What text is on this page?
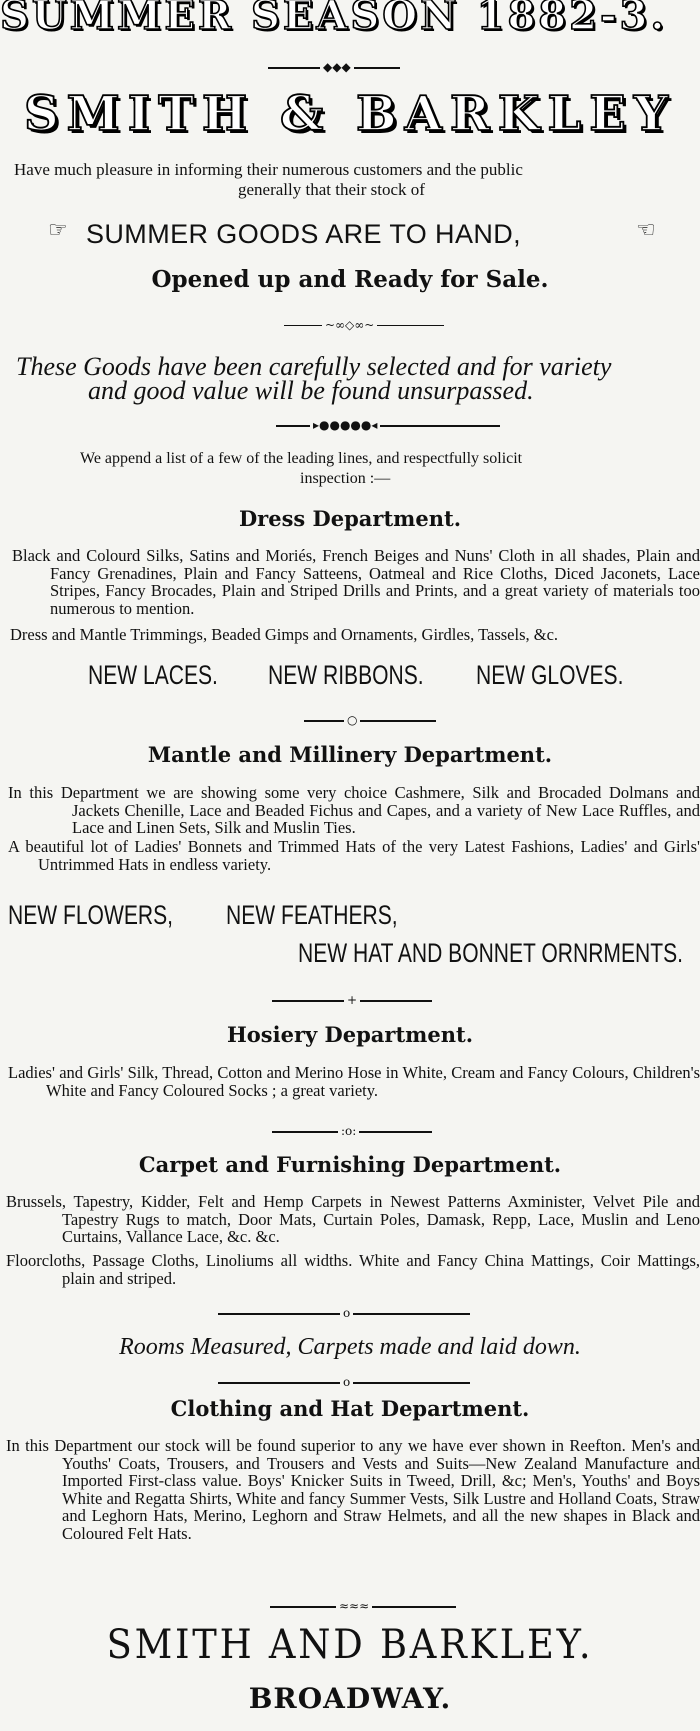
SUMMER SEASON 1882-3.
◆◆◆
SMITH & BARKLEY
Have much pleasure in informing their numerous customers and the public
generally that their stock of
☞ SUMMER GOODS ARE TO HAND,	☜
Opened up and Ready for Sale.
~∞◇∞~
These Goods have been carefully selected and for variety
and good value will be found unsurpassed.
▸●●●●●◂
We append a list of a few of the leading lines, and respectfully solicit
inspection :—
Dress Department.
Black and Colourd Silks, Satins and Moriés, French Beiges and Nuns' Cloth in all shades, Plain and Fancy Grenadines, Plain and Fancy Satteens, Oatmeal and Rice Cloths, Diced Jaconets, Lace Stripes, Fancy Brocades, Plain and Striped Drills and Prints, and a great variety of materials too numerous to mention.
Dress and Mantle Trimmings, Beaded Gimps and Ornaments, Girdles, Tassels, &c.
NEW LACES. NEW RIBBONS. NEW GLOVES.
○
Mantle and Millinery Department.
In this Department we are showing some very choice Cashmere, Silk and Brocaded Dolmans and Jackets Chenille, Lace and Beaded Fichus and Capes, and a variety of New Lace Ruffles, and Lace and Linen Sets, Silk and Muslin Ties.
A beautiful lot of Ladies' Bonnets and Trimmed Hats of the very Latest Fashions, Ladies' and Girls' Untrimmed Hats in endless variety.
NEW FLOWERS, NEW FEATHERS,
NEW HAT AND BONNET ORNRMENTS.
+
Hosiery Department.
Ladies' and Girls' Silk, Thread, Cotton and Merino Hose in White, Cream and Fancy Colours, Children's White and Fancy Coloured Socks ; a great variety.
:o:
Carpet and Furnishing Department.
Brussels, Tapestry, Kidder, Felt and Hemp Carpets in Newest Patterns Axminister, Velvet Pile and Tapestry Rugs to match, Door Mats, Curtain Poles, Damask, Repp, Lace, Muslin and Leno Curtains, Vallance Lace, &c. &c.
Floorcloths, Passage Cloths, Linoliums all widths. White and Fancy China Mattings, Coir Mattings, plain and striped.
o
Rooms Measured, Carpets made and laid down.
o
Clothing and Hat Department.
In this Department our stock will be found superior to any we have ever shown in Reefton. Men's and Youths' Coats, Trousers, and Trousers and Vests and Suits—New Zealand Manufacture and Imported First-class value. Boys' Knicker Suits in Tweed, Drill, &c; Men's, Youths' and Boys White and Regatta Shirts, White and fancy Summer Vests, Silk Lustre and Holland Coats, Straw and Leghorn Hats, Merino, Leghorn and Straw Helmets, and all the new shapes in Black and Coloured Felt Hats.
≈≈≈
SMITH AND BARKLEY.
BROADWAY.
